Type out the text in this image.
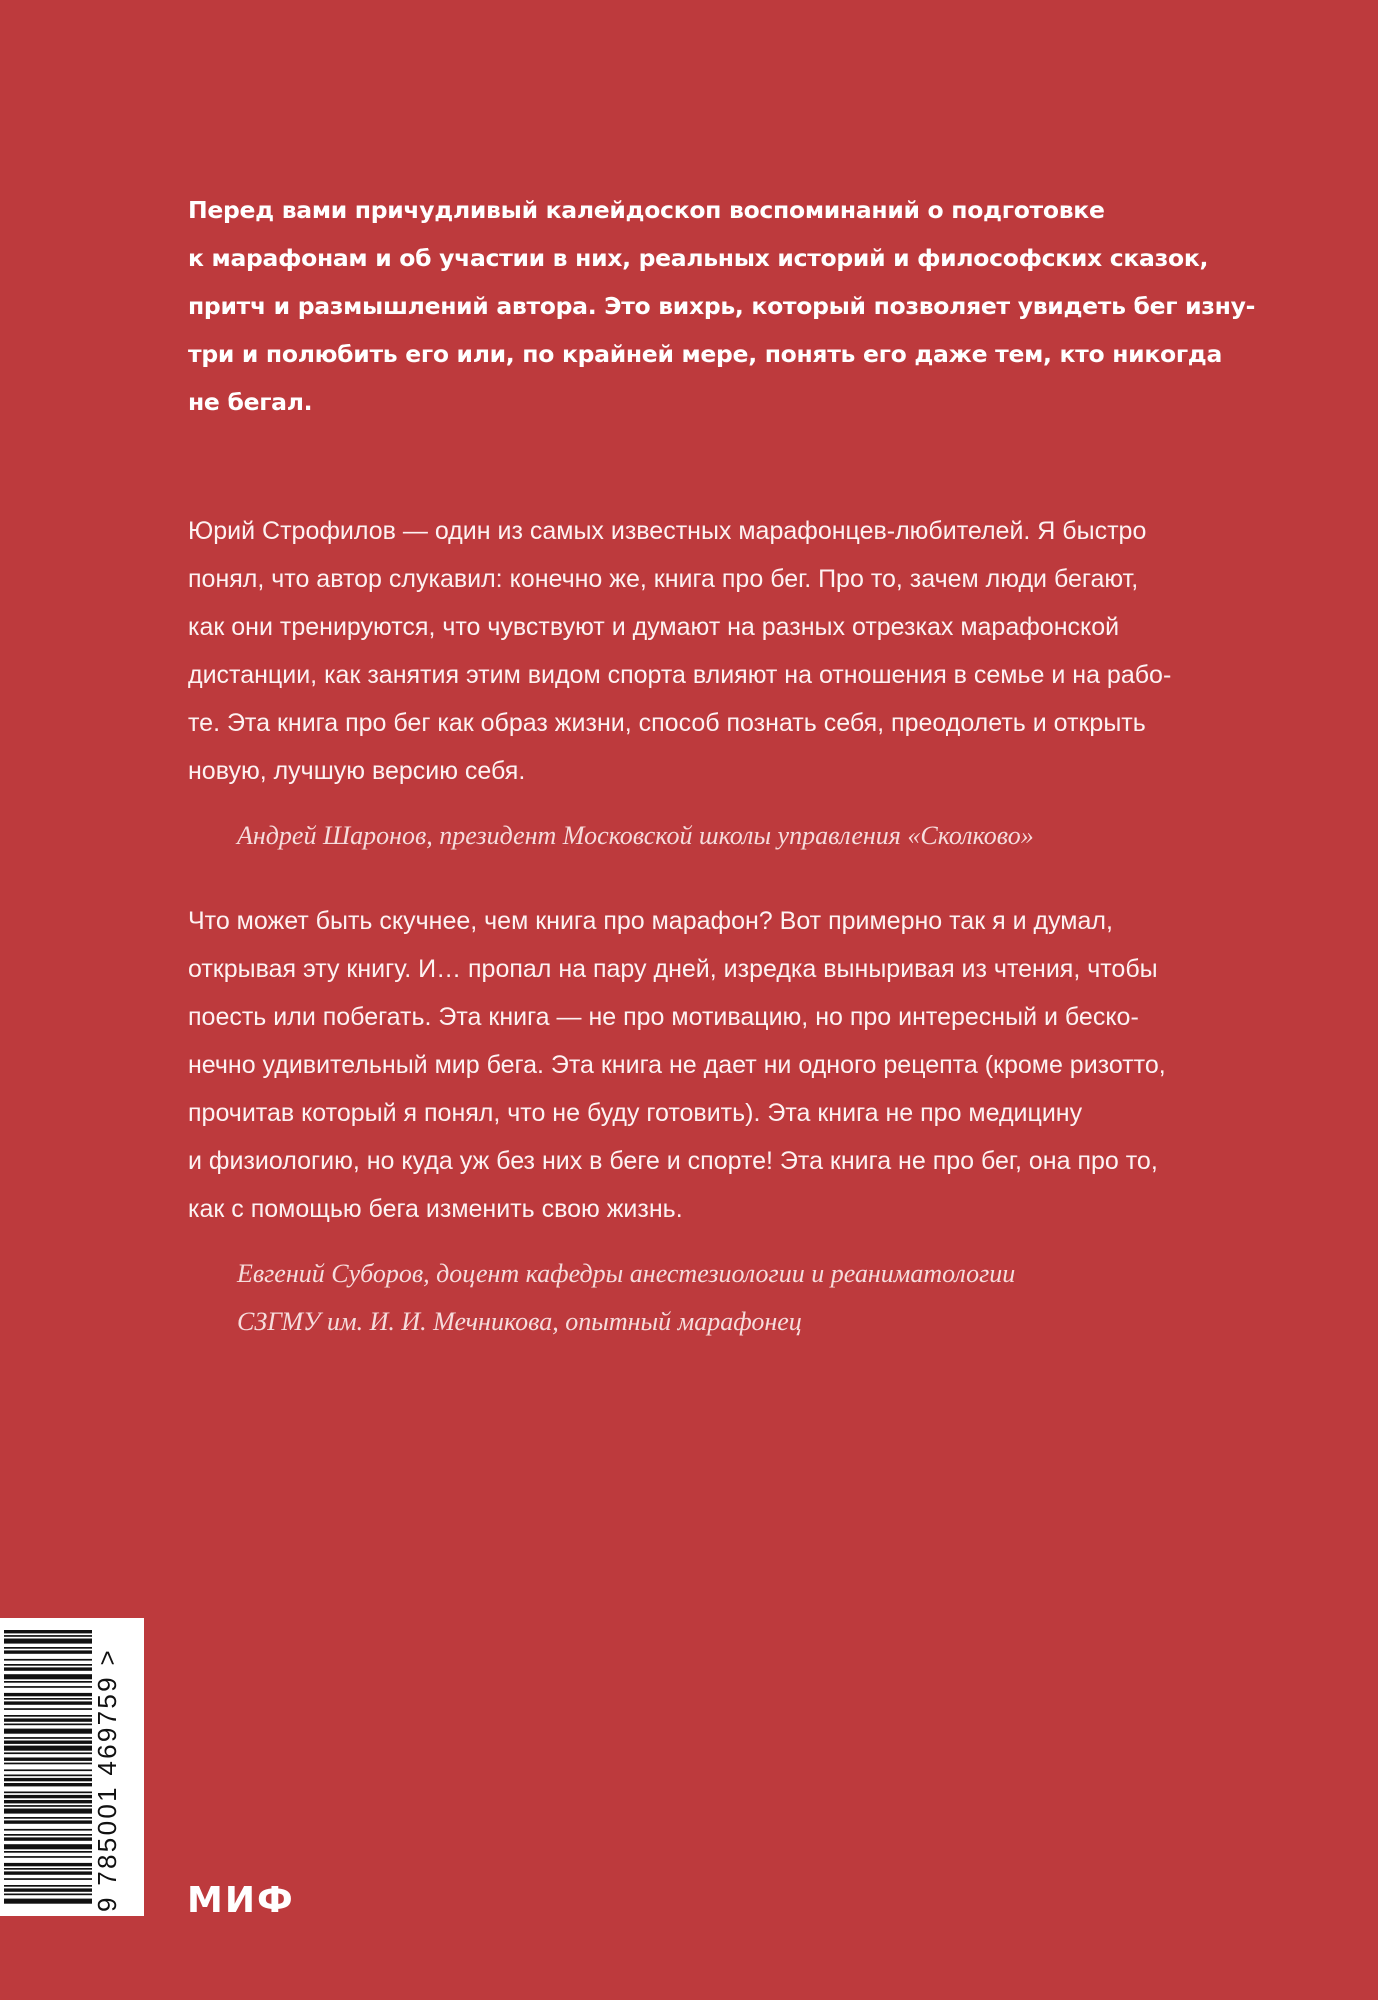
Перед вами причудливый калейдоскоп воспоминаний о подготовке
к марафонам и об участии в них, реальных историй и философских сказок,
притч и размышлений автора. Это вихрь, который позволяет увидеть бег изну-
три и полюбить его или, по крайней мере, понять его даже тем, кто никогда
не бегал.
Юрий Строфилов — один из самых известных марафонцев-любителей. Я быстро
понял, что автор слукавил: конечно же, книга про бег. Про то, зачем люди бегают,
как они тренируются, что чувствуют и думают на разных отрезках марафонской
дистанции, как занятия этим видом спорта влияют на отношения в семье и на рабо-
те. Эта книга про бег как образ жизни, способ познать себя, преодолеть и открыть
новую, лучшую версию себя.
Андрей Шаронов, президент Московской школы управления «Сколково»
Что может быть скучнее, чем книга про марафон? Вот примерно так я и думал,
открывая эту книгу. И… пропал на пару дней, изредка выныривая из чтения, чтобы
поесть или побегать. Эта книга — не про мотивацию, но про интересный и беско-
нечно удивительный мир бега. Эта книга не дает ни одного рецепта (кроме ризотто,
прочитав который я понял, что не буду готовить). Эта книга не про медицину
и физиологию, но куда уж без них в беге и спорте! Эта книга не про бег, она про то,
как с помощью бега изменить свою жизнь.
Евгений Суборов, доцент кафедры анестезиологии и реаниматологии
СЗГМУ им. И. И. Мечникова, опытный марафонец
9 785001 469759 > МИФ
